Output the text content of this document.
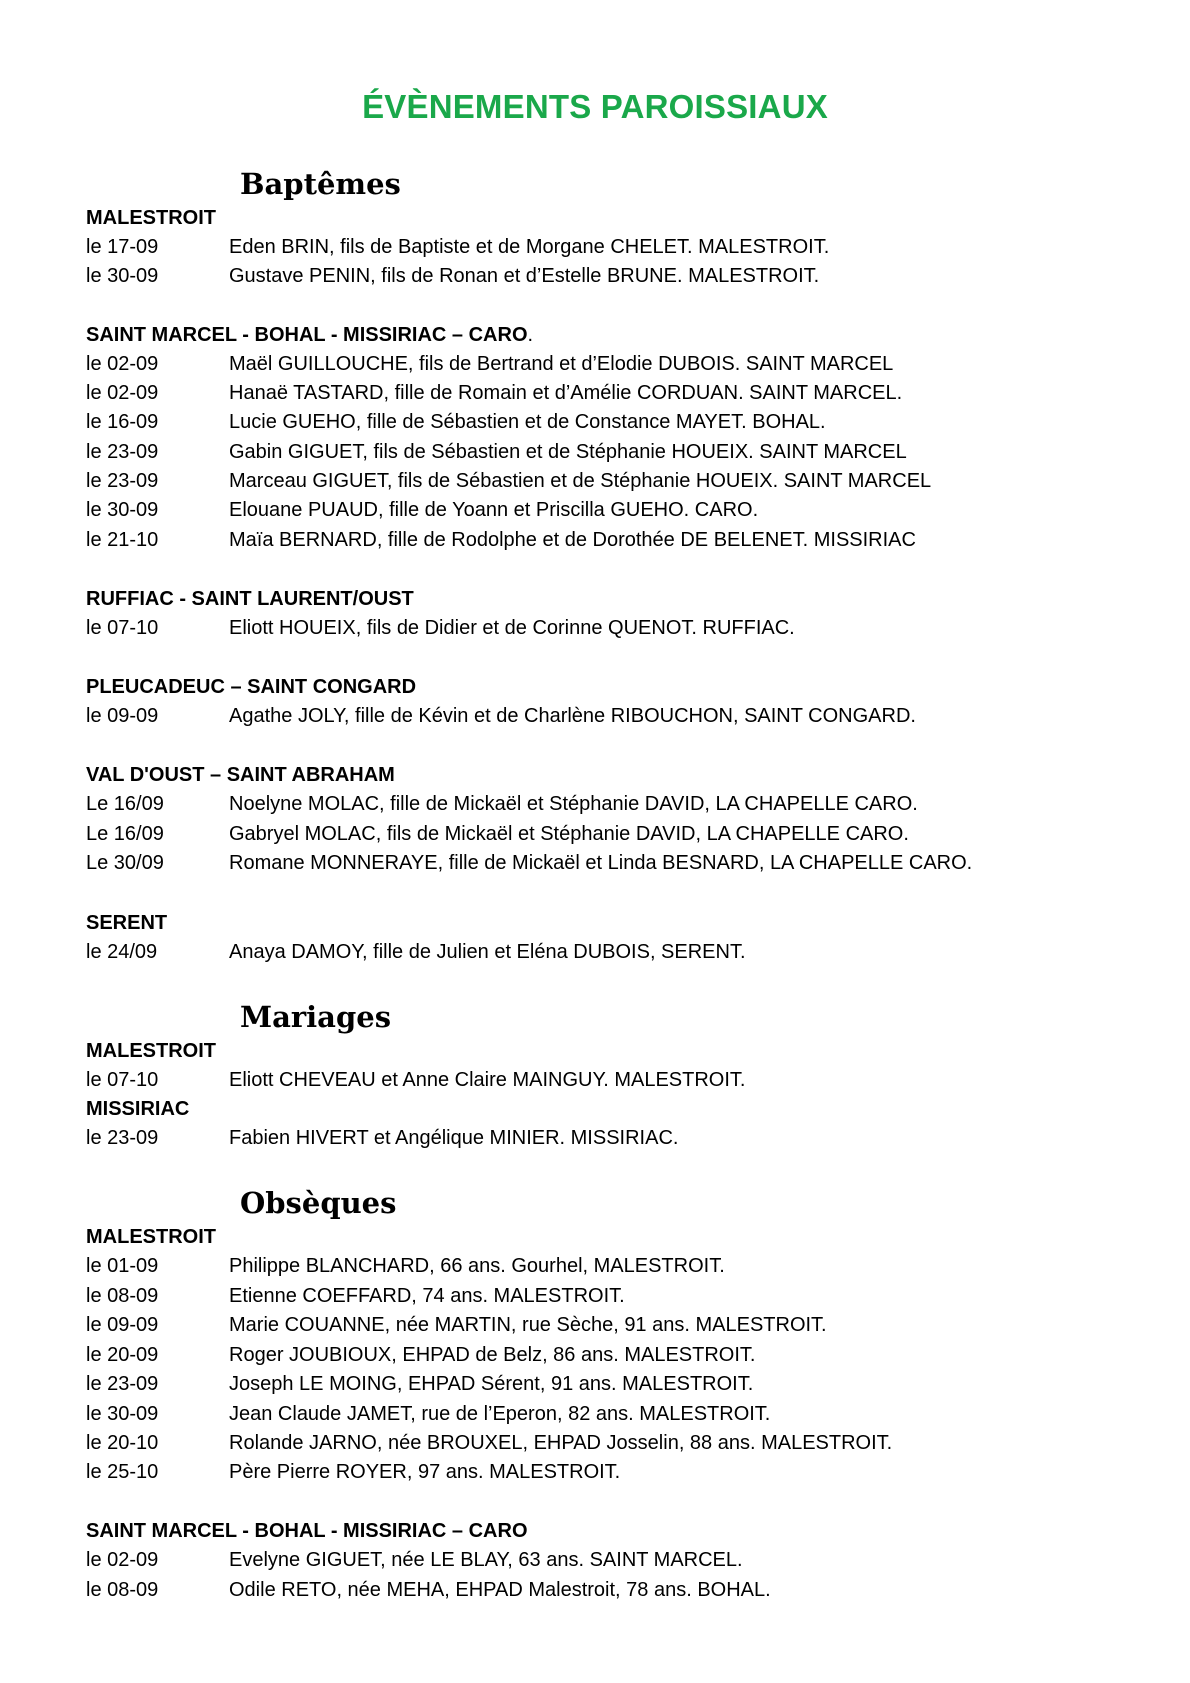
ÉVÈNEMENTS PAROISSIAUX
Baptêmes
MALESTROIT
le 17-09	Eden BRIN, fils de Baptiste et de Morgane CHELET. MALESTROIT.
le 30-09	Gustave PENIN, fils de Ronan et d’Estelle BRUNE. MALESTROIT.
SAINT MARCEL - BOHAL - MISSIRIAC – CARO.
le 02-09	Maël GUILLOUCHE, fils de Bertrand et d’Elodie DUBOIS. SAINT MARCEL
le 02-09	Hanaë TASTARD, fille de Romain et d’Amélie CORDUAN. SAINT MARCEL.
le 16-09	Lucie GUEHO, fille de Sébastien et de Constance MAYET. BOHAL.
le 23-09	Gabin GIGUET, fils de Sébastien et de Stéphanie HOUEIX. SAINT MARCEL
le 23-09	Marceau GIGUET, fils de Sébastien et de Stéphanie HOUEIX. SAINT MARCEL
le 30-09	Elouane PUAUD, fille de Yoann et Priscilla GUEHO. CARO.
le 21-10	Maïa BERNARD, fille de Rodolphe et de Dorothée DE BELENET. MISSIRIAC
RUFFIAC - SAINT LAURENT/OUST
le 07-10	Eliott HOUEIX, fils de Didier et de Corinne QUENOT. RUFFIAC.
PLEUCADEUC – SAINT CONGARD
le 09-09	Agathe JOLY, fille de Kévin et de Charlène RIBOUCHON, SAINT CONGARD.
VAL D'OUST – SAINT ABRAHAM
Le 16/09	Noelyne MOLAC, fille de Mickaël et Stéphanie DAVID, LA CHAPELLE CARO.
Le 16/09	Gabryel MOLAC, fils de Mickaël et Stéphanie DAVID, LA CHAPELLE CARO.
Le 30/09	Romane MONNERAYE, fille de Mickaël et Linda BESNARD, LA CHAPELLE CARO.
SERENT
le 24/09	Anaya DAMOY, fille de Julien et Eléna DUBOIS, SERENT.
Mariages
MALESTROIT
le 07-10	Eliott CHEVEAU et Anne Claire MAINGUY. MALESTROIT.
MISSIRIAC
le 23-09	Fabien HIVERT et Angélique MINIER. MISSIRIAC.
Obsèques
MALESTROIT
le 01-09	Philippe BLANCHARD, 66 ans. Gourhel, MALESTROIT.
le 08-09	Etienne COEFFARD, 74 ans. MALESTROIT.
le 09-09	Marie COUANNE, née MARTIN, rue Sèche, 91 ans. MALESTROIT.
le 20-09	Roger JOUBIOUX, EHPAD de Belz, 86 ans. MALESTROIT.
le 23-09	Joseph LE MOING, EHPAD Sérent, 91 ans. MALESTROIT.
le 30-09	Jean Claude JAMET, rue de l’Eperon, 82 ans. MALESTROIT.
le 20-10	Rolande JARNO, née BROUXEL, EHPAD Josselin, 88 ans. MALESTROIT.
le 25-10	Père Pierre ROYER, 97 ans. MALESTROIT.
SAINT MARCEL - BOHAL - MISSIRIAC – CARO
le 02-09	Evelyne GIGUET, née LE BLAY, 63 ans. SAINT MARCEL.
le 08-09	Odile RETO, née MEHA, EHPAD Malestroit, 78 ans. BOHAL.
